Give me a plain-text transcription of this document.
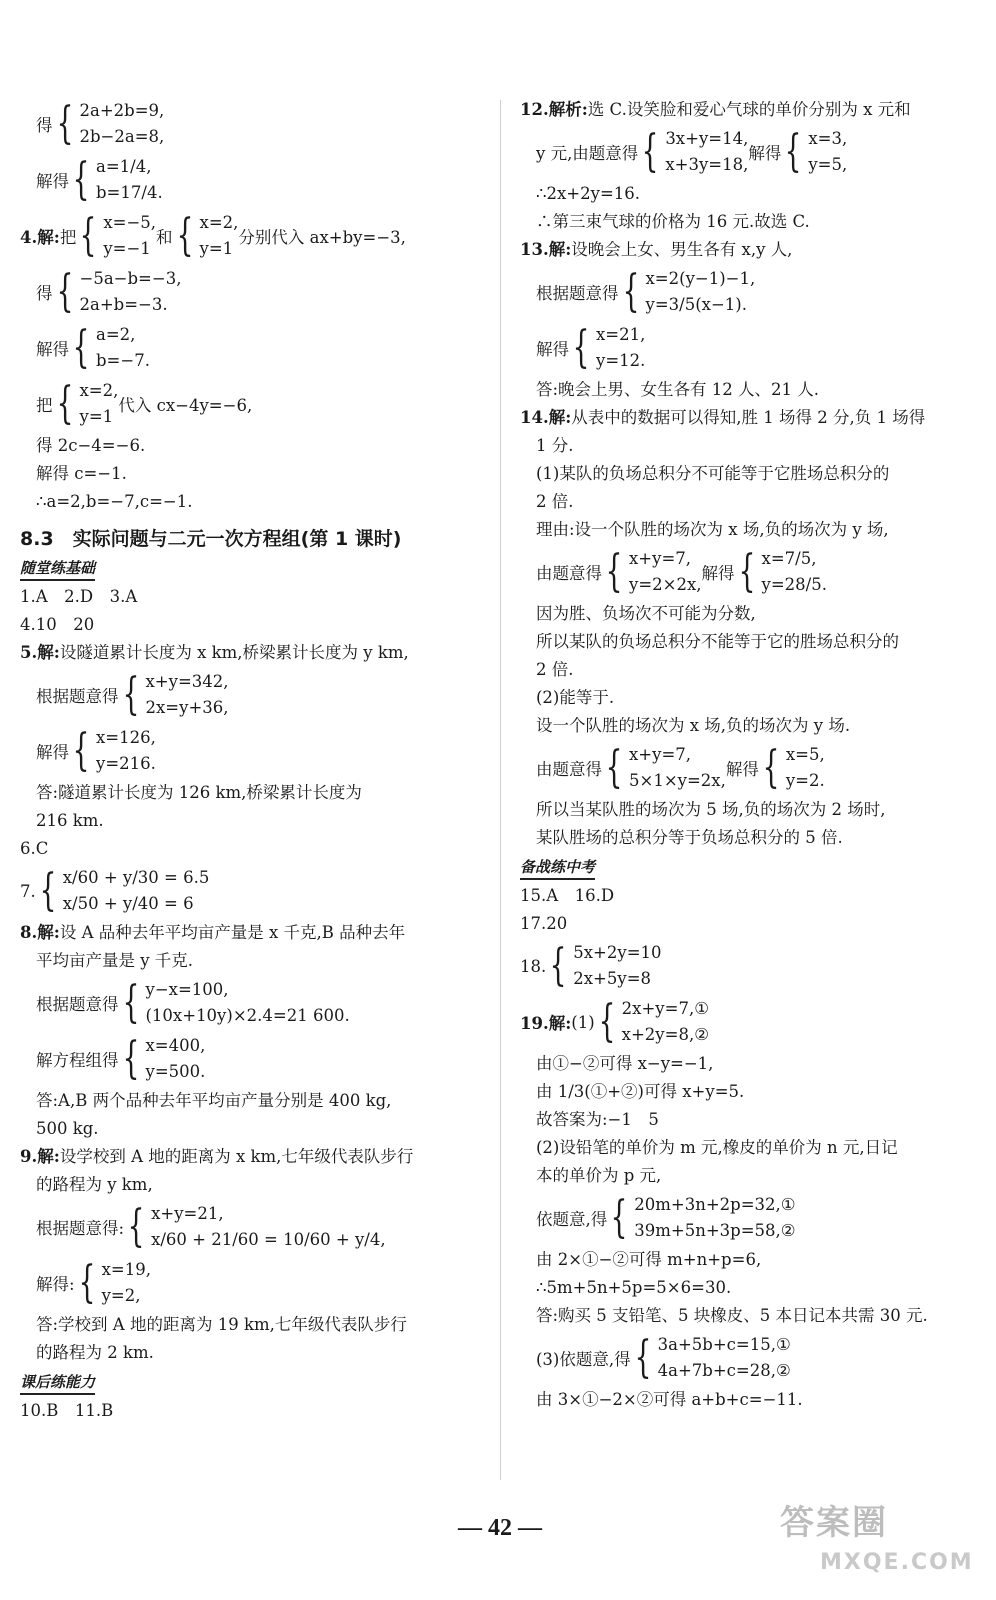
得 { 2a+2b=9,
2b−2a=8,
解得 { a=1/4,
b=17/4.
4.解: 把 { x=−5,
y=−1
和 { x=2,
y=1
分别代入 ax+by=−3,
得 { −5a−b=−3,
2a+b=−3.
解得 { a=2,
b=−7.
把 { x=2,
y=1
代入 cx−4y=−6,
得 2c−4=−6.
解得 c=−1.
∴a=2,b=−7,c=−1.
8.3　实际问题与二元一次方程组(第 1 课时)
随堂练基础
1.A　2.D　3.A
4.10　20
5.解:设隧道累计长度为 x km,桥梁累计长度为 y km,
根据题意得 { x+y=342,
2x=y+36,
解得 { x=126,
y=216.
答:隧道累计长度为 126 km,桥梁累计长度为
216 km.
6.C
7. { x/60 + y/30 = 6.5
x/50 + y/40 = 6
8.解:设 A 品种去年平均亩产量是 x 千克,B 品种去年
平均亩产量是 y 千克.
根据题意得 { y−x=100,
(10x+10y)×2.4=21 600.
解方程组得 { x=400,
y=500.
答:A,B 两个品种去年平均亩产量分别是 400 kg,
500 kg.
9.解:设学校到 A 地的距离为 x km,七年级代表队步行
的路程为 y km,
根据题意得: { x+y=21,
x/60 + 21/60 = 10/60 + y/4,
解得: { x=19,
y=2,
答:学校到 A 地的距离为 19 km,七年级代表队步行
的路程为 2 km.
课后练能力
10.B　11.B
12.解析:选 C.设笑脸和爱心气球的单价分别为 x 元和
y 元,由题意得 { 3x+y=14,
x+3y=18,
解得 { x=3,
y=5,
∴2x+2y=16.
∴第三束气球的价格为 16 元.故选 C.
13.解:设晚会上女、男生各有 x,y 人,
根据题意得 { x=2(y−1)−1,
y=3/5(x−1).
解得 { x=21,
y=12.
答:晚会上男、女生各有 12 人、21 人.
14.解:从表中的数据可以得知,胜 1 场得 2 分,负 1 场得
1 分.
(1)某队的负场总积分不可能等于它胜场总积分的
2 倍.
理由:设一个队胜的场次为 x 场,负的场次为 y 场,
由题意得 { x+y=7,
y=2×2x,
解得 { x=7/5,
y=28/5.
因为胜、负场次不可能为分数,
所以某队的负场总积分不能等于它的胜场总积分的
2 倍.
(2)能等于.
设一个队胜的场次为 x 场,负的场次为 y 场.
由题意得 { x+y=7,
5×1×y=2x,
解得 { x=5,
y=2.
所以当某队胜的场次为 5 场,负的场次为 2 场时,
某队胜场的总积分等于负场总积分的 5 倍.
备战练中考
15.A　16.D
17.20
18. { 5x+2y=10
2x+5y=8
19.解: (1) { 2x+y=7,①
x+2y=8,②
由①−②可得 x−y=−1,
由 1/3(①+②)可得 x+y=5.
故答案为:−1　5
(2)设铅笔的单价为 m 元,橡皮的单价为 n 元,日记
本的单价为 p 元,
依题意,得 { 20m+3n+2p=32,①
39m+5n+3p=58,②
由 2×①−②可得 m+n+p=6,
∴5m+5n+5p=5×6=30.
答:购买 5 支铅笔、5 块橡皮、5 本日记本共需 30 元.
(3)依题意,得 { 3a+5b+c=15,①
4a+7b+c=28,②
由 3×①−2×②可得 a+b+c=−11.
— 42 —	答案圈
MXQE.COM
